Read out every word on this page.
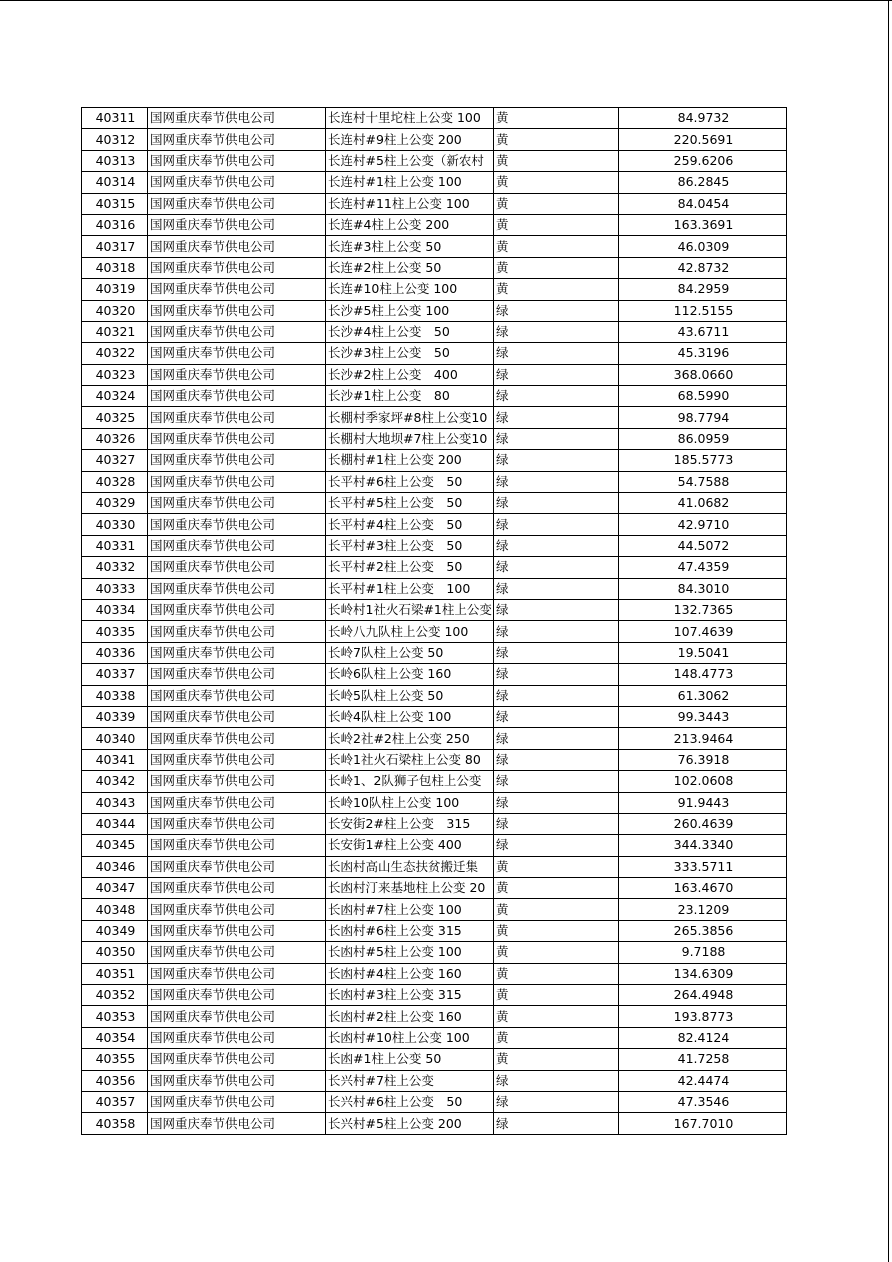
40311	国网重庆奉节供电公司	长连村十里坨柱上公变 100	黄	84.9732
40312	国网重庆奉节供电公司	长连村#9柱上公变 200	黄	220.5691
40313	国网重庆奉节供电公司	长连村#5柱上公变（新农村	黄	259.6206
40314	国网重庆奉节供电公司	长连村#1柱上公变 100	黄	86.2845
40315	国网重庆奉节供电公司	长连村#11柱上公变 100	黄	84.0454
40316	国网重庆奉节供电公司	长连#4柱上公变 200	黄	163.3691
40317	国网重庆奉节供电公司	长连#3柱上公变 50	黄	46.0309
40318	国网重庆奉节供电公司	长连#2柱上公变 50	黄	42.8732
40319	国网重庆奉节供电公司	长连#10柱上公变 100	黄	84.2959
40320	国网重庆奉节供电公司	长沙#5柱上公变 100	绿	112.5155
40321	国网重庆奉节供电公司	长沙#4柱上公变　50	绿	43.6711
40322	国网重庆奉节供电公司	长沙#3柱上公变　50	绿	45.3196
40323	国网重庆奉节供电公司	长沙#2柱上公变　400	绿	368.0660
40324	国网重庆奉节供电公司	长沙#1柱上公变　80	绿	68.5990
40325	国网重庆奉节供电公司	长棚村季家坪#8柱上公变10	绿	98.7794
40326	国网重庆奉节供电公司	长棚村大地坝#7柱上公变10	绿	86.0959
40327	国网重庆奉节供电公司	长棚村#1柱上公变 200	绿	185.5773
40328	国网重庆奉节供电公司	长平村#6柱上公变　50	绿	54.7588
40329	国网重庆奉节供电公司	长平村#5柱上公变　50	绿	41.0682
40330	国网重庆奉节供电公司	长平村#4柱上公变　50	绿	42.9710
40331	国网重庆奉节供电公司	长平村#3柱上公变　50	绿	44.5072
40332	国网重庆奉节供电公司	长平村#2柱上公变　50	绿	47.4359
40333	国网重庆奉节供电公司	长平村#1柱上公变　100	绿	84.3010
40334	国网重庆奉节供电公司	长岭村1社火石梁#1柱上公变	绿	132.7365
40335	国网重庆奉节供电公司	长岭八九队柱上公变 100	绿	107.4639
40336	国网重庆奉节供电公司	长岭7队柱上公变 50	绿	19.5041
40337	国网重庆奉节供电公司	长岭6队柱上公变 160	绿	148.4773
40338	国网重庆奉节供电公司	长岭5队柱上公变 50	绿	61.3062
40339	国网重庆奉节供电公司	长岭4队柱上公变 100	绿	99.3443
40340	国网重庆奉节供电公司	长岭2社#2柱上公变 250	绿	213.9464
40341	国网重庆奉节供电公司	长岭1社火石梁柱上公变 80	绿	76.3918
40342	国网重庆奉节供电公司	长岭1、2队狮子包柱上公变	绿	102.0608
40343	国网重庆奉节供电公司	长岭10队柱上公变 100	绿	91.9443
40344	国网重庆奉节供电公司	长安街2#柱上公变　315	绿	260.4639
40345	国网重庆奉节供电公司	长安街1#柱上公变 400	绿	344.3340
40346	国网重庆奉节供电公司	长凼村高山生态扶贫搬迁集	黄	333.5711
40347	国网重庆奉节供电公司	长凼村汀来基地柱上公变 20	黄	163.4670
40348	国网重庆奉节供电公司	长凼村#7柱上公变 100	黄	23.1209
40349	国网重庆奉节供电公司	长凼村#6柱上公变 315	黄	265.3856
40350	国网重庆奉节供电公司	长凼村#5柱上公变 100	黄	9.7188
40351	国网重庆奉节供电公司	长凼村#4柱上公变 160	黄	134.6309
40352	国网重庆奉节供电公司	长凼村#3柱上公变 315	黄	264.4948
40353	国网重庆奉节供电公司	长凼村#2柱上公变 160	黄	193.8773
40354	国网重庆奉节供电公司	长凼村#10柱上公变 100	黄	82.4124
40355	国网重庆奉节供电公司	长凼#1柱上公变 50	黄	41.7258
40356	国网重庆奉节供电公司	长兴村#7柱上公变	绿	42.4474
40357	国网重庆奉节供电公司	长兴村#6柱上公变　50	绿	47.3546
40358	国网重庆奉节供电公司	长兴村#5柱上公变 200	绿	167.7010
